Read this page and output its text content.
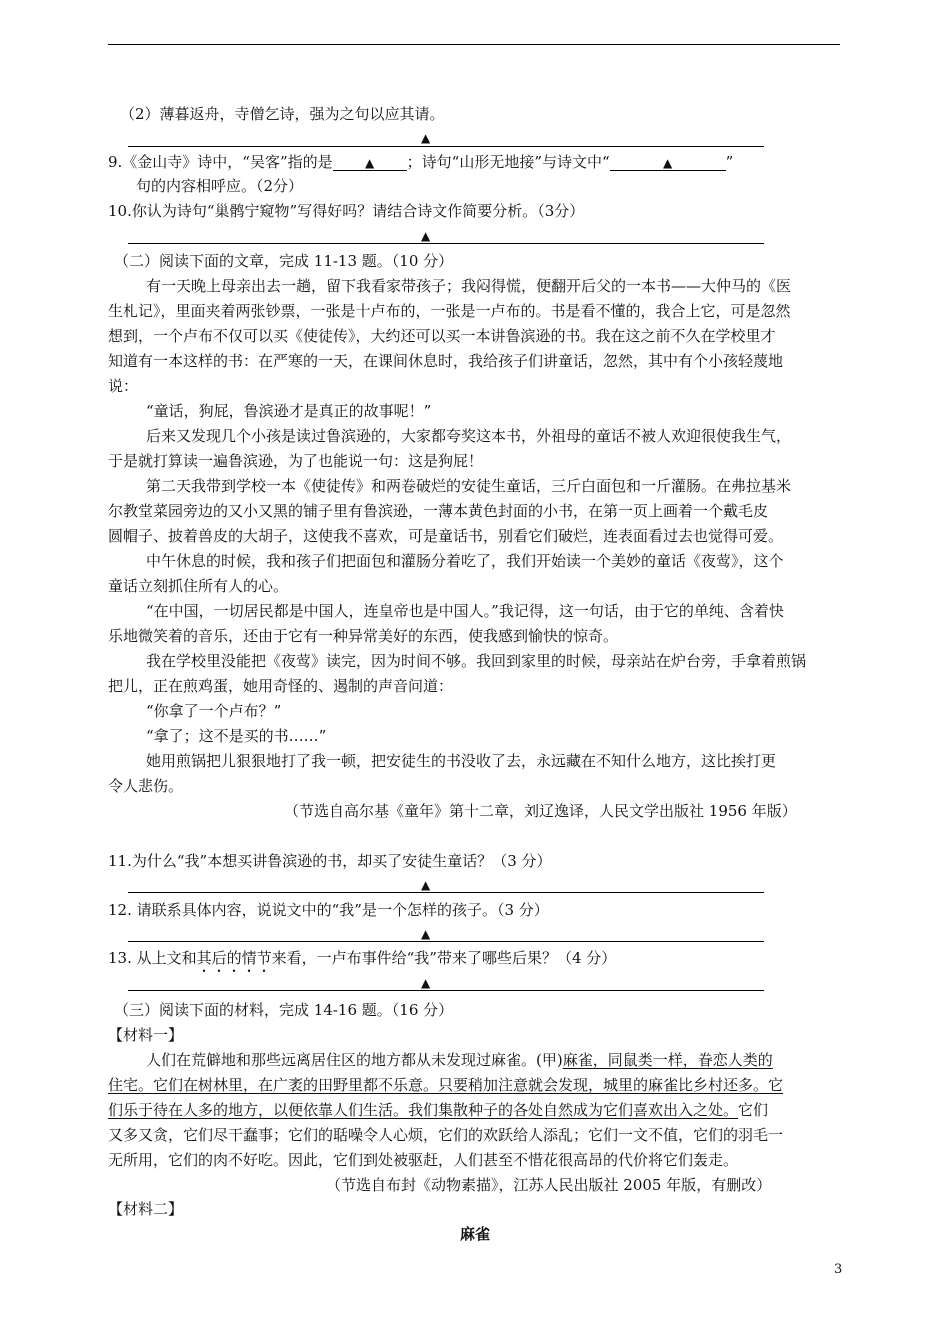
（2）薄暮返舟，寺僧乞诗，强为之句以应其请。
▲
9.《金山寺》诗中，“吴客”指的是	▲ ；诗句“山形无地接”与诗文中“	▲	”
句的内容相呼应。（2分）
10.你认为诗句“巢鹘宁窥物”写得好吗？请结合诗文作简要分析。（3分）
▲
（二）阅读下面的文章，完成 11-13 题。（10 分）
有一天晚上母亲出去一趟，留下我看家带孩子；我闷得慌，便翻开后父的一本书——大仲马的《医
生札记》，里面夹着两张钞票，一张是十卢布的，一张是一卢布的。书是看不懂的，我合上它，可是忽然
想到，一个卢布不仅可以买《使徒传》，大约还可以买一本讲鲁滨逊的书。我在这之前不久在学校里才
知道有一本这样的书：在严寒的一天，在课间休息时，我给孩子们讲童话，忽然，其中有个小孩轻蔑地
说：
“童话，狗屁，鲁滨逊才是真正的故事呢！”
后来又发现几个小孩是读过鲁滨逊的，大家都夸奖这本书，外祖母的童话不被人欢迎很使我生气，
于是就打算读一遍鲁滨逊，为了也能说一句：这是狗屁！
第二天我带到学校一本《使徒传》和两卷破烂的安徒生童话，三斤白面包和一斤灌肠。在弗拉基米
尔教堂菜园旁边的又小又黑的铺子里有鲁滨逊，一薄本黄色封面的小书，在第一页上画着一个戴毛皮
圆帽子、披着兽皮的大胡子，这使我不喜欢，可是童话书，别看它们破烂，连表面看过去也觉得可爱。
中午休息的时候，我和孩子们把面包和灌肠分着吃了，我们开始读一个美妙的童话《夜莺》，这个
童话立刻抓住所有人的心。
“在中国，一切居民都是中国人，连皇帝也是中国人。”我记得，这一句话，由于它的单纯、含着快
乐地微笑着的音乐，还由于它有一种异常美好的东西，使我感到愉快的惊奇。
我在学校里没能把《夜莺》读完，因为时间不够。我回到家里的时候，母亲站在炉台旁，手拿着煎锅
把儿，正在煎鸡蛋，她用奇怪的、遏制的声音问道：
“你拿了一个卢布？”
“拿了；这不是买的书……”
她用煎锅把儿狠狠地打了我一顿，把安徒生的书没收了去，永远藏在不知什么地方，这比挨打更
令人悲伤。
（节选自高尔基《童年》第十二章，刘辽逸译，人民文学出版社 1956 年版）
11.为什么“我”本想买讲鲁滨逊的书，却买了安徒生童话？（3 分）
▲
12. 请联系具体内容，说说文中的“我”是一个怎样的孩子。（3 分）
▲
13. 从上文和其后的情节来看，一卢布事件给“我”带来了哪些后果？（4 分）
▲
（三）阅读下面的材料，完成 14-16 题。（16 分）
【材料一】
人们在荒僻地和那些远离居住区的地方都从未发现过麻雀。(甲)麻雀，同鼠类一样，眷恋人类的
住宅。它们在树林里，在广袤的田野里都不乐意。只要稍加注意就会发现，城里的麻雀比乡村还多。它
们乐于待在人多的地方，以便依靠人们生活。我们集散种子的各处自然成为它们喜欢出入之处。它们
又多又贪，它们尽干蠢事；它们的聒噪令人心烦，它们的欢跃给人添乱；它们一文不值，它们的羽毛一
无所用，它们的肉不好吃。因此，它们到处被驱赶，人们甚至不惜花很高昂的代价将它们轰走。
（节选自布封《动物素描》，江苏人民出版社 2005 年版，有删改）
【材料二】
麻雀
3
